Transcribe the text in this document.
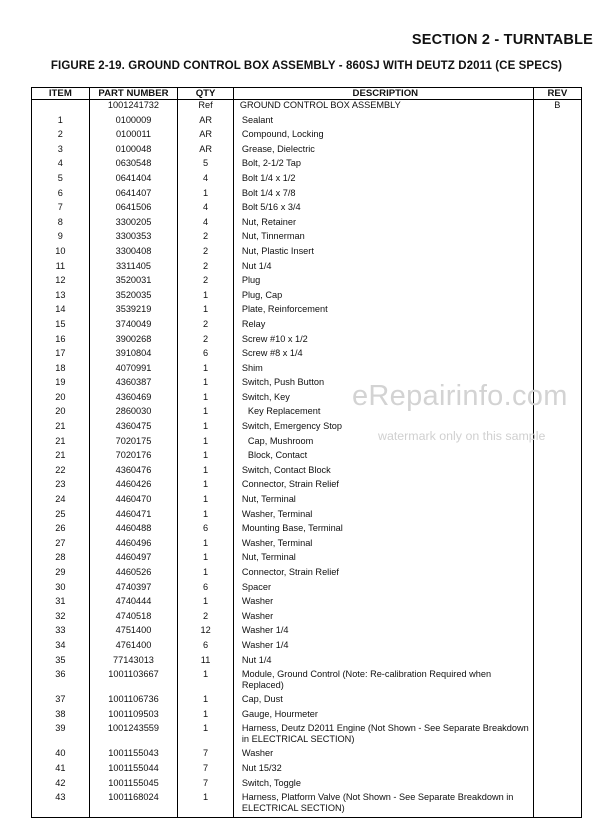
SECTION 2 - TURNTABLE
FIGURE 2-19. GROUND CONTROL BOX ASSEMBLY - 860SJ WITH DEUTZ D2011 (CE SPECS)
ITEM	PART NUMBER	QTY	DESCRIPTION	REV
	1001241732	Ref	GROUND CONTROL BOX ASSEMBLY	B
1	0100009	AR	Sealant	
2	0100011	AR	Compound, Locking	
3	0100048	AR	Grease, Dielectric	
4	0630548	5	Bolt, 2-1/2 Tap	
5	0641404	4	Bolt 1/4 x 1/2	
6	0641407	1	Bolt 1/4 x 7/8	
7	0641506	4	Bolt 5/16 x 3/4	
8	3300205	4	Nut, Retainer	
9	3300353	2	Nut, Tinnerman	
10	3300408	2	Nut, Plastic Insert	
11	3311405	2	Nut 1/4	
12	3520031	2	Plug	
13	3520035	1	Plug, Cap	
14	3539219	1	Plate, Reinforcement	
15	3740049	2	Relay	
16	3900268	2	Screw #10 x 1/2	
17	3910804	6	Screw #8 x 1/4	
18	4070991	1	Shim	
19	4360387	1	Switch, Push Button	
20	4360469	1	Switch, Key	
20	2860030	1	Key Replacement	
21	4360475	1	Switch, Emergency Stop	
21	7020175	1	Cap, Mushroom	
21	7020176	1	Block, Contact	
22	4360476	1	Switch, Contact Block	
23	4460426	1	Connector, Strain Relief	
24	4460470	1	Nut, Terminal	
25	4460471	1	Washer, Terminal	
26	4460488	6	Mounting Base, Terminal	
27	4460496	1	Washer, Terminal	
28	4460497	1	Nut, Terminal	
29	4460526	1	Connector, Strain Relief	
30	4740397	6	Spacer	
31	4740444	1	Washer	
32	4740518	2	Washer	
33	4751400	12	Washer 1/4	
34	4761400	6	Washer 1/4	
35	77143013	11	Nut 1/4	
36	1001103667	1	Module, Ground Control (Note: Re-calibration Required when Replaced)	
37	1001106736	1	Cap, Dust	
38	1001109503	1	Gauge, Hourmeter	
39	1001243559	1	Harness, Deutz D2011 Engine (Not Shown - See Separate Breakdown in ELECTRICAL SECTION)	
40	1001155043	7	Washer	
41	1001155044	7	Nut 15/32	
42	1001155045	7	Switch, Toggle	
43	1001168024	1	Harness, Platform Valve (Not Shown - See Separate Breakdown in ELECTRICAL SECTION)	
eRepairinfo.com
watermark only on this sample
